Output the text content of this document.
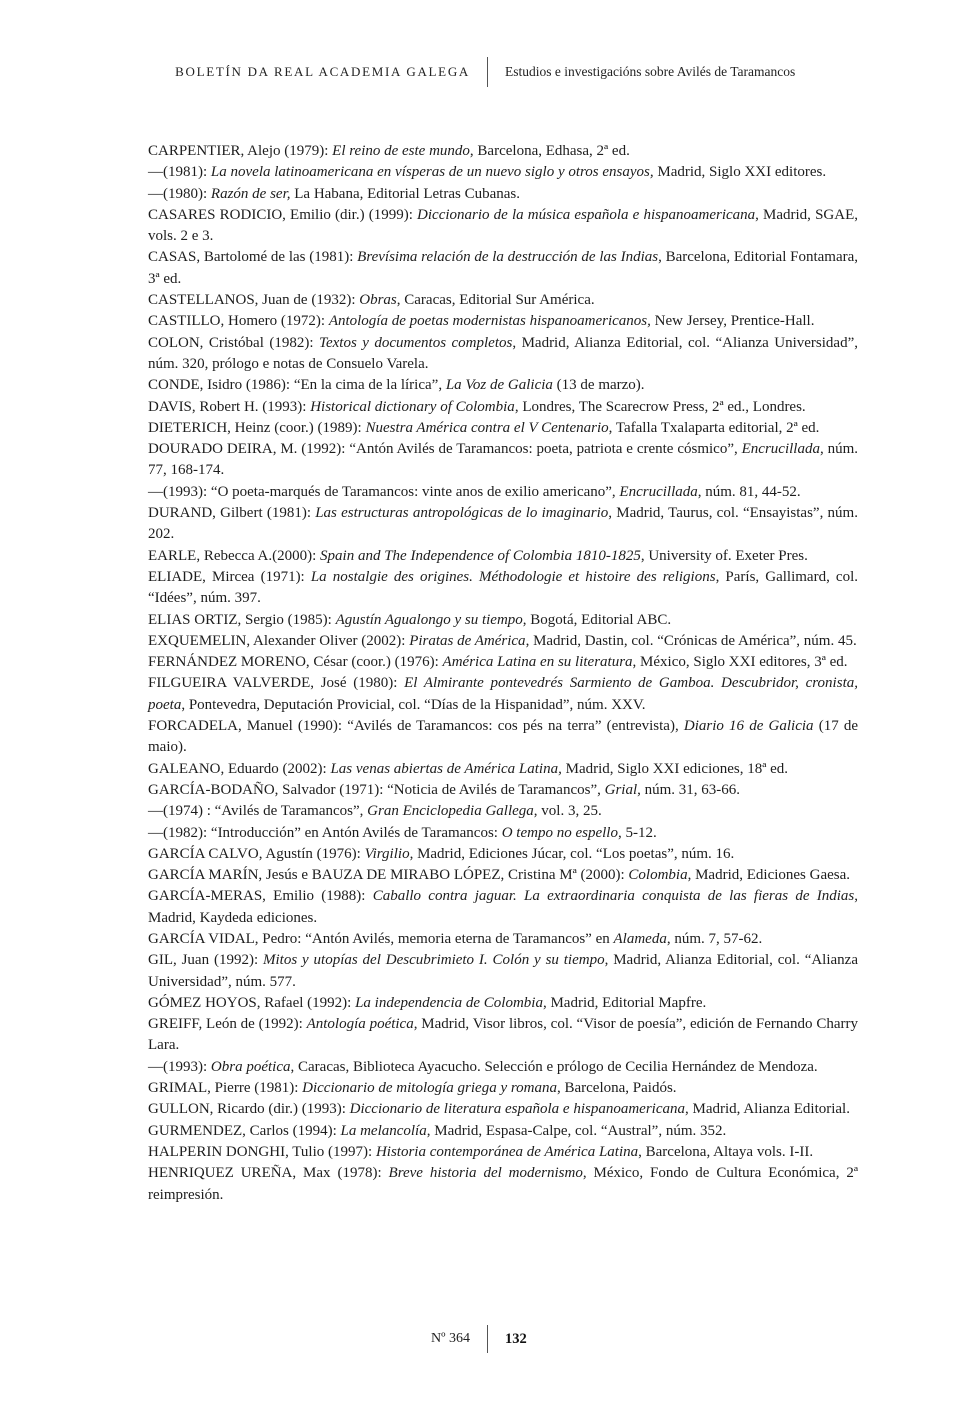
BOLETÍN DA REAL ACADEMIA GALEGA	Estudios e investigacións sobre Avilés de Taramancos

CARPENTIER, Alejo (1979): El reino de este mundo, Barcelona, Edhasa, 2ª ed.

—(1981): La novela latinoamericana en vísperas de un nuevo siglo y otros ensayos, Madrid, Siglo XXI editores.

—(1980): Razón de ser, La Habana, Editorial Letras Cubanas.

CASARES RODICIO, Emilio (dir.) (1999): Diccionario de la música española e hispanoamericana, Madrid, SGAE, vols. 2 e 3.

CASAS, Bartolomé de las (1981): Brevísima relación de la destrucción de las Indias, Barcelona, Editorial Fontamara, 3ª ed.

CASTELLANOS, Juan de (1932): Obras, Caracas, Editorial Sur América.

CASTILLO, Homero (1972): Antología de poetas modernistas hispanoamericanos, New Jersey, Prentice-Hall.

COLON, Cristóbal (1982): Textos y documentos completos, Madrid, Alianza Editorial, col. “Alianza Universidad”, núm. 320, prólogo e notas de Consuelo Varela.

CONDE, Isidro (1986): “En la cima de la lírica”, La Voz de Galicia (13 de marzo).

DAVIS, Robert H. (1993): Historical dictionary of Colombia, Londres, The Scarecrow Press, 2ª ed., Londres.

DIETERICH, Heinz (coor.) (1989): Nuestra América contra el V Centenario, Tafalla Txalaparta editorial, 2ª ed.

DOURADO DEIRA, M. (1992): “Antón Avilés de Taramancos: poeta, patriota e crente cósmico”, Encrucillada, núm. 77, 168-174.

—(1993): “O poeta-marqués de Taramancos: vinte anos de exilio americano”, Encrucillada, núm. 81, 44-52.

DURAND, Gilbert (1981): Las estructuras antropológicas de lo imaginario, Madrid, Taurus, col. “Ensayistas”, núm. 202.

EARLE, Rebecca A.(2000): Spain and The Independence of Colombia 1810-1825, University of. Exeter Pres.

ELIADE, Mircea (1971): La nostalgie des origines. Méthodologie et histoire des religions, París, Gallimard, col. “Idées”, núm. 397.

ELIAS ORTIZ, Sergio (1985): Agustín Agualongo y su tiempo, Bogotá, Editorial ABC.

EXQUEMELIN, Alexander Oliver (2002): Piratas de América, Madrid, Dastin, col. “Crónicas de América”, núm. 45.

FERNÁNDEZ MORENO, César (coor.) (1976): América Latina en su literatura, México, Siglo XXI editores, 3ª ed.

FILGUEIRA VALVERDE, José (1980): El Almirante pontevedrés Sarmiento de Gamboa. Descubridor, cronista, poeta, Pontevedra, Deputación Provicial, col. “Días de la Hispanidad”, núm. XXV.

FORCADELA, Manuel (1990): “Avilés de Taramancos: cos pés na terra” (entrevista), Diario 16 de Galicia (17 de maio).

GALEANO, Eduardo (2002): Las venas abiertas de América Latina, Madrid, Siglo XXI ediciones, 18ª ed.

GARCÍA-BODAÑO, Salvador (1971): “Noticia de Avilés de Taramancos”, Grial, núm. 31, 63-66.

—(1974) : “Avilés de Taramancos”, Gran Enciclopedia Gallega, vol. 3, 25.

—(1982): “Introducción” en Antón Avilés de Taramancos: O tempo no espello, 5-12.

GARCÍA CALVO, Agustín (1976): Virgilio, Madrid, Ediciones Júcar, col. “Los poetas”, núm. 16.

GARCÍA MARÍN, Jesús e BAUZA DE MIRABO LÓPEZ, Cristina Mª (2000): Colombia, Madrid, Ediciones Gaesa.

GARCÍA-MERAS, Emilio (1988): Caballo contra jaguar. La extraordinaria conquista de las fieras de Indias, Madrid, Kaydeda ediciones.

GARCÍA VIDAL, Pedro: “Antón Avilés, memoria eterna de Taramancos” en Alameda, núm. 7, 57-62.

GIL, Juan (1992): Mitos y utopías del Descubrimieto I. Colón y su tiempo, Madrid, Alianza Editorial, col. “Alianza Universidad”, núm. 577.

GÓMEZ HOYOS, Rafael (1992): La independencia de Colombia, Madrid, Editorial Mapfre.

GREIFF, León de (1992): Antología poética, Madrid, Visor libros, col. “Visor de poesía”, edición de Fernando Charry Lara.

—(1993): Obra poética, Caracas, Biblioteca Ayacucho. Selección e prólogo de Cecilia Hernández de Mendoza.

GRIMAL, Pierre (1981): Diccionario de mitología griega y romana, Barcelona, Paidós.

GULLON, Ricardo (dir.) (1993): Diccionario de literatura española e hispanoamericana, Madrid, Alianza Editorial.

GURMENDEZ, Carlos (1994): La melancolía, Madrid, Espasa-Calpe, col. “Austral”, núm. 352.

HALPERIN DONGHI, Tulio (1997): Historia contemporánea de América Latina, Barcelona, Altaya vols. I-II.

HENRIQUEZ UREÑA, Max (1978): Breve historia del modernismo, México, Fondo de Cultura Económica, 2ª reimpresión.

Nº 364	132
